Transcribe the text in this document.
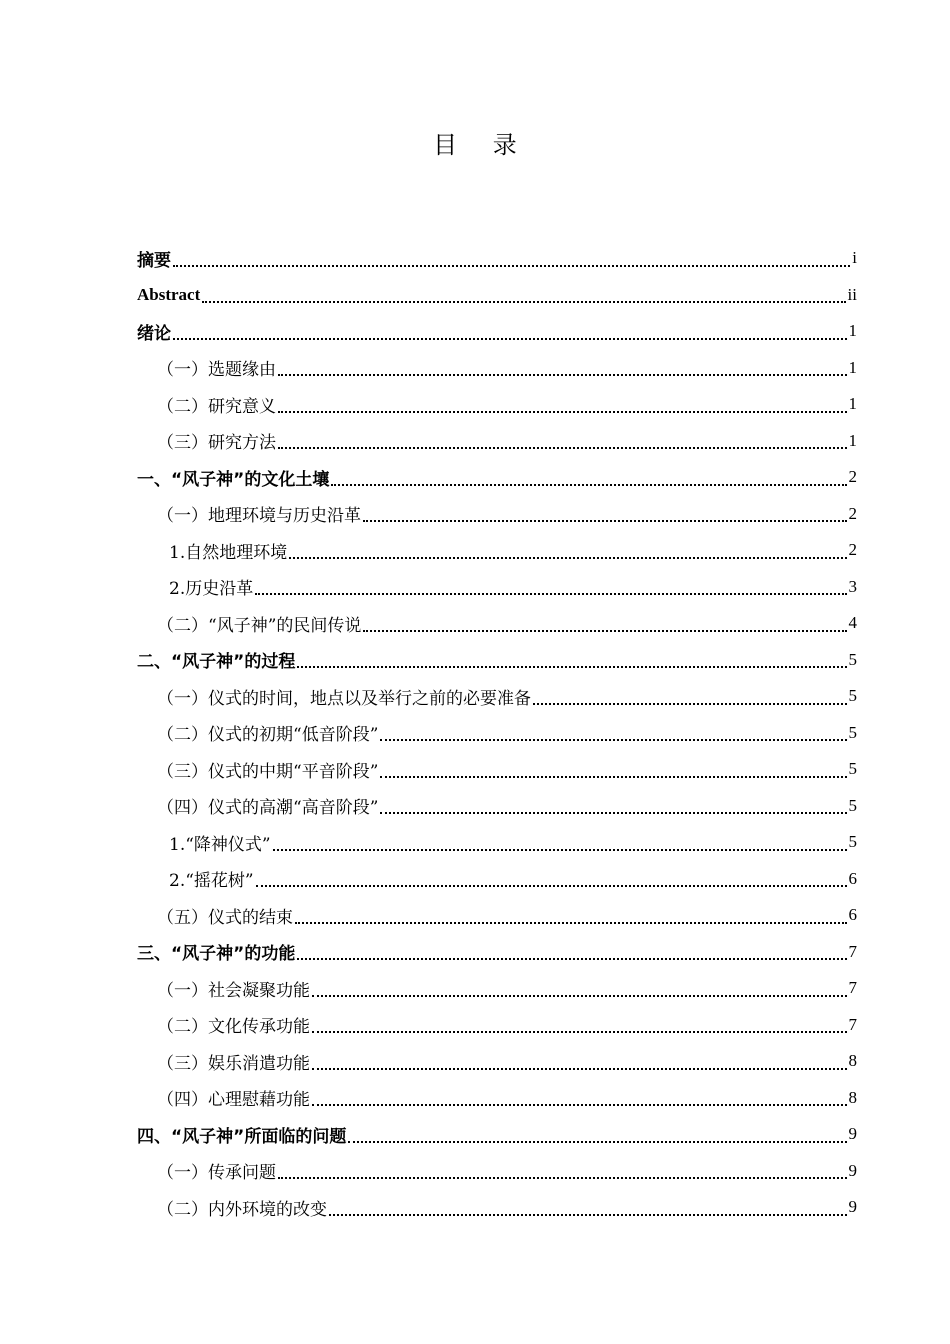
目 录
摘要	i
Abstract	ii
绪论	1
（一）选题缘由	1
（二）研究意义	1
（三）研究方法	1
一、“风子神”的文化土壤	2
（一）地理环境与历史沿革	2
1.自然地理环境	2
2.历史沿革	3
（二）“风子神”的民间传说	4
二、“风子神”的过程	5
（一）仪式的时间，地点以及举行之前的必要准备	5
（二）仪式的初期“低音阶段”	5
（三）仪式的中期“平音阶段”	5
（四）仪式的高潮“高音阶段”	5
1.“降神仪式”	5
2.“摇花树”	6
（五）仪式的结束	6
三、“风子神”的功能	7
（一）社会凝聚功能	7
（二）文化传承功能	7
（三）娱乐消遣功能	8
（四）心理慰藉功能	8
四、“风子神”所面临的问题	9
（一）传承问题	9
（二）内外环境的改变	9
